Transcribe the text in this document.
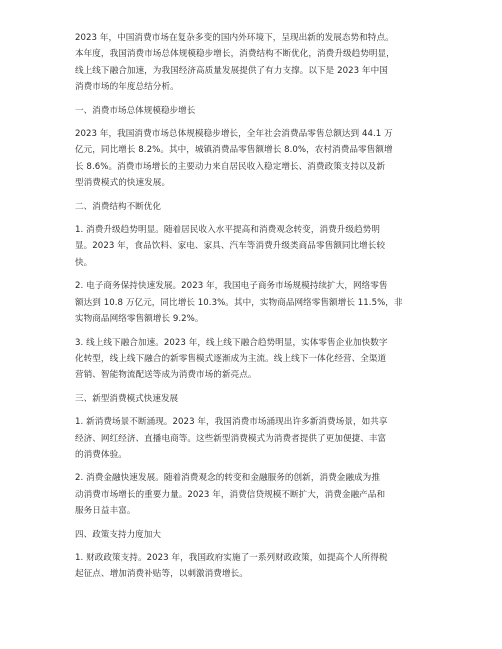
2023 年，中国消费市场在复杂多变的国内外环境下，呈现出新的发展态势和特点。
本年度，我国消费市场总体规模稳步增长，消费结构不断优化，消费升级趋势明显，
线上线下融合加速，为我国经济高质量发展提供了有力支撑。以下是 2023 年中国
消费市场的年度总结分析。
一、消费市场总体规模稳步增长
2023 年，我国消费市场总体规模稳步增长，全年社会消费品零售总额达到 44.1 万
亿元，同比增长 8.2%。其中，城镇消费品零售额增长 8.0%，农村消费品零售额增
长 8.6%。消费市场增长的主要动力来自居民收入稳定增长、消费政策支持以及新
型消费模式的快速发展。
二、消费结构不断优化
1. 消费升级趋势明显。随着居民收入水平提高和消费观念转变，消费升级趋势明
显。2023 年，食品饮料、家电、家具、汽车等消费升级类商品零售额同比增长较
快。
2. 电子商务保持快速发展。2023 年，我国电子商务市场规模持续扩大，网络零售
额达到 10.8 万亿元，同比增长 10.3%。其中，实物商品网络零售额增长 11.5%，非
实物商品网络零售额增长 9.2%。
3. 线上线下融合加速。2023 年，线上线下融合趋势明显，实体零售企业加快数字
化转型，线上线下融合的新零售模式逐渐成为主流。线上线下一体化经营、全渠道
营销、智能物流配送等成为消费市场的新亮点。
三、新型消费模式快速发展
1. 新消费场景不断涌现。2023 年，我国消费市场涌现出许多新消费场景，如共享
经济、网红经济、直播电商等。这些新型消费模式为消费者提供了更加便捷、丰富
的消费体验。
2. 消费金融快速发展。随着消费观念的转变和金融服务的创新，消费金融成为推
动消费市场增长的重要力量。2023 年，消费信贷规模不断扩大，消费金融产品和
服务日益丰富。
四、政策支持力度加大
1. 财政政策支持。2023 年，我国政府实施了一系列财政政策，如提高个人所得税
起征点、增加消费补贴等，以刺激消费增长。
